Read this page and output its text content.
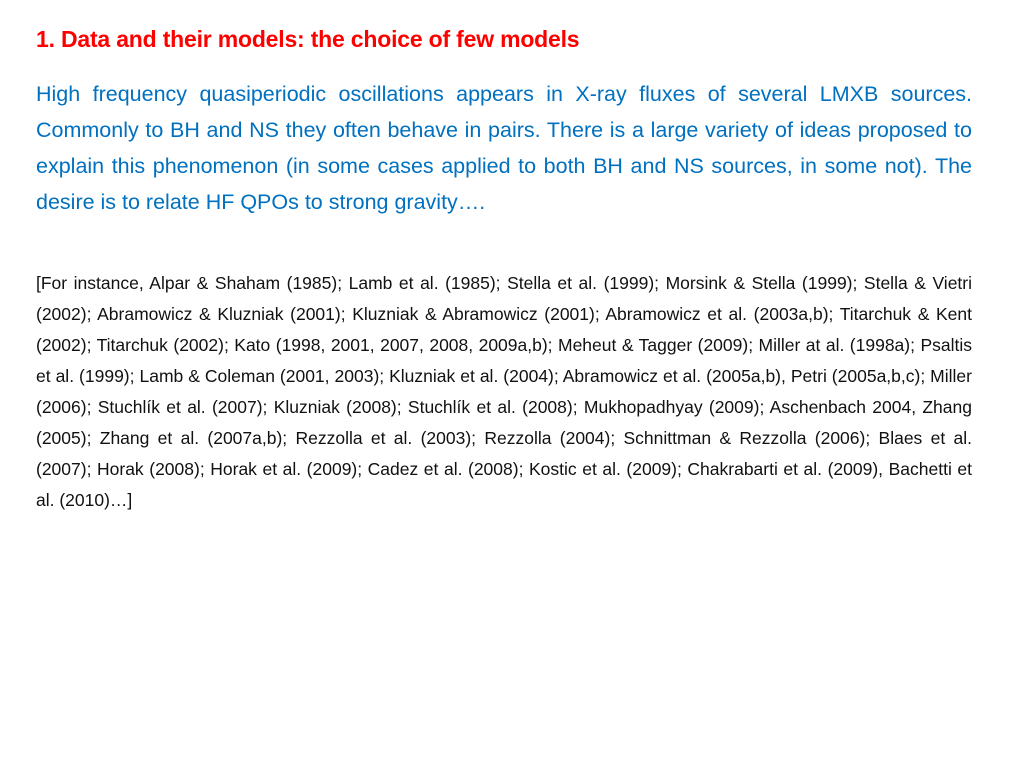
1. Data and their models: the choice of few models

High frequency quasiperiodic oscillations appears in X-ray fluxes of several LMXB sources. Commonly to BH and NS they often behave in pairs. There is a large variety of ideas proposed to explain this phenomenon (in some cases applied to both BH and NS sources, in some not). The desire is to relate HF QPOs to strong gravity….

[For instance, Alpar & Shaham (1985); Lamb et al. (1985); Stella et al. (1999); Morsink & Stella (1999); Stella & Vietri (2002); Abramowicz & Kluzniak (2001); Kluzniak & Abramowicz (2001); Abramowicz et al. (2003a,b); Titarchuk & Kent (2002); Titarchuk (2002); Kato (1998, 2001, 2007, 2008, 2009a,b); Meheut & Tagger (2009); Miller at al. (1998a); Psaltis et al. (1999); Lamb & Coleman (2001, 2003); Kluzniak et al. (2004); Abramowicz et al. (2005a,b), Petri (2005a,b,c); Miller (2006); Stuchlík et al. (2007); Kluzniak (2008); Stuchlík et al. (2008); Mukhopadhyay (2009); Aschenbach 2004, Zhang (2005); Zhang et al. (2007a,b); Rezzolla et al. (2003); Rezzolla (2004); Schnittman & Rezzolla (2006); Blaes et al. (2007); Horak (2008); Horak et al. (2009); Cadez et al. (2008); Kostic et al. (2009); Chakrabarti et al. (2009), Bachetti et al. (2010)…]
